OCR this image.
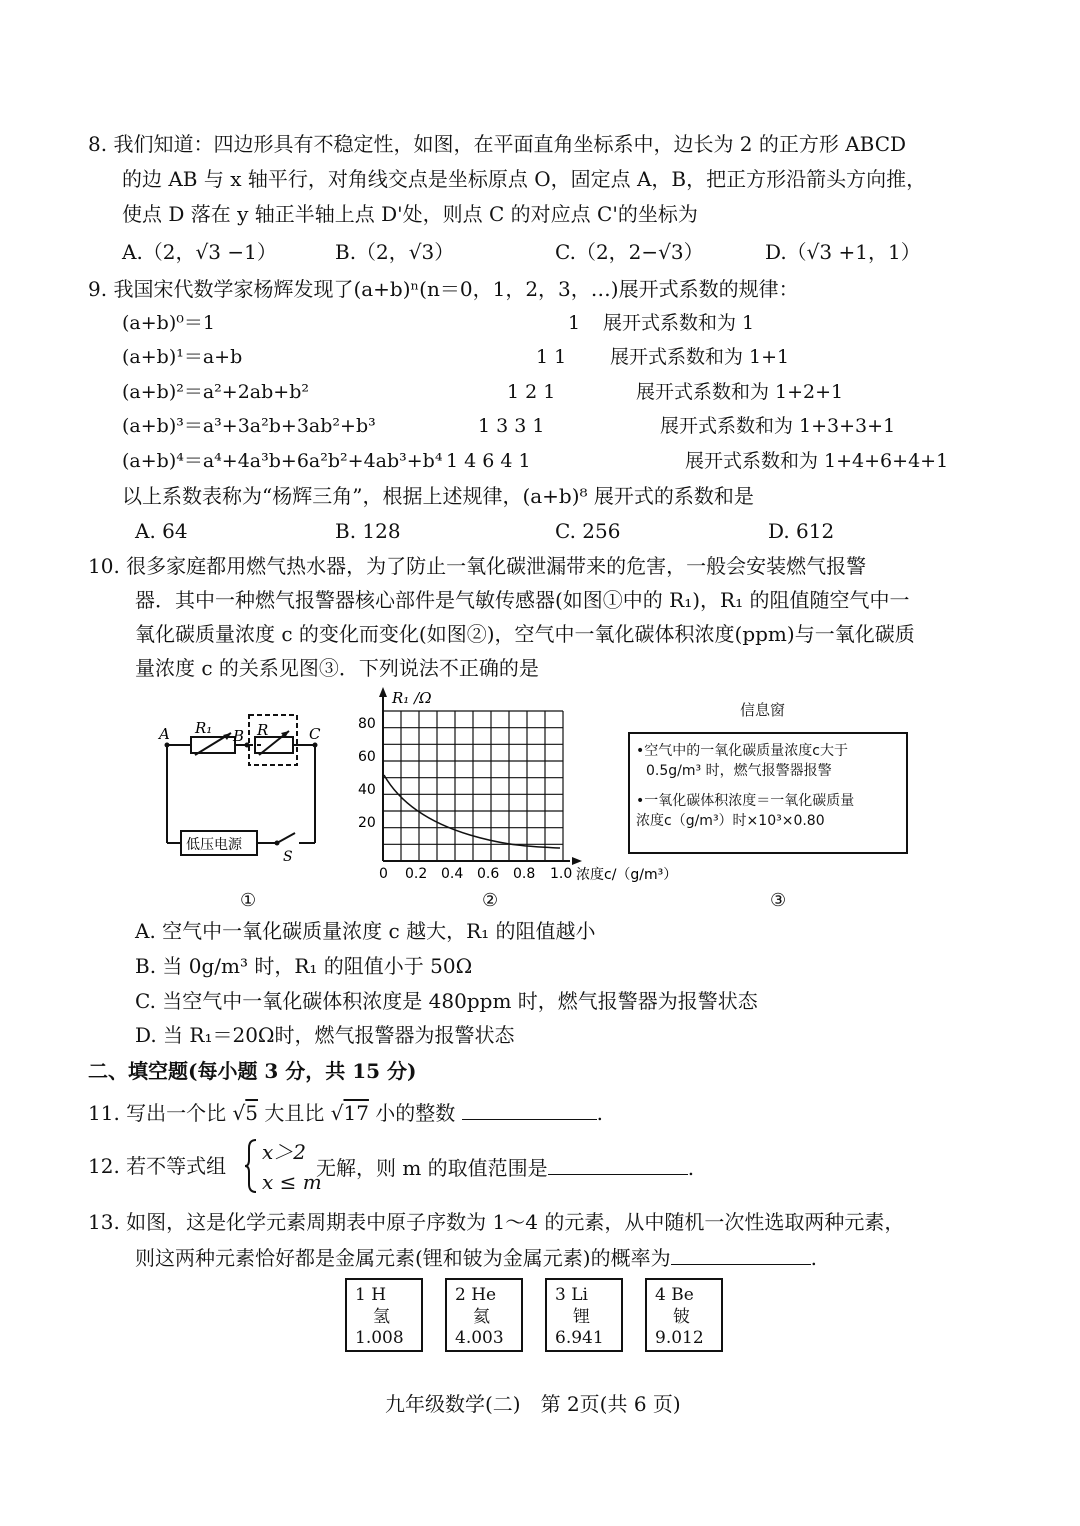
8. 我们知道：四边形具有不稳定性，如图，在平面直角坐标系中，边长为 2 的正方形 ABCD
的边 AB 与 x 轴平行，对角线交点是坐标原点 O，固定点 A，B，把正方形沿箭头方向推，
使点 D 落在 y 轴正半轴上点 D'处，则点 C 的对应点 C'的坐标为
A.（2，√3 −1）	B.（2，√3）	C.（2，2−√3）	D.（√3 +1，1）
9. 我国宋代数学家杨辉发现了(a+b)ⁿ(n＝0，1，2，3，…)展开式系数的规律：
(a+b)⁰＝1	1 展开式系数和为 1
(a+b)¹＝a+b	1 1 展开式系数和为 1+1
(a+b)²＝a²+2ab+b²	1 2 1	展开式系数和为 1+2+1
(a+b)³＝a³+3a²b+3ab²+b³	1 3 3 1	展开式系数和为 1+3+3+1
(a+b)⁴＝a⁴+4a³b+6a²b²+4ab³+b⁴ 1 4 6 4 1	展开式系数和为 1+4+6+4+1
以上系数表称为“杨辉三角”，根据上述规律，(a+b)⁸ 展开式的系数和是
A. 64	B. 128	C. 256	D. 612
10. 很多家庭都用燃气热水器，为了防止一氧化碳泄漏带来的危害，一般会安装燃气报警
器．其中一种燃气报警器核心部件是气敏传感器(如图①中的 R₁)，R₁ 的阻值随空气中一
氧化碳质量浓度 c 的变化而变化(如图②)，空气中一氧化碳体积浓度(ppm)与一氧化碳质
量浓度 c 的关系见图③．下列说法不正确的是
A R₁ B R	C
低压电源
S
R₁ /Ω
80
60
40
20
0 0.2 0.4 0.6 0.8 1.0 浓度c/（g/m³）
信息窗
•空气中的一氧化碳质量浓度c大于
0.5g/m³ 时，燃气报警器报警
•一氧化碳体积浓度＝一氧化碳质量
浓度c（g/m³）时×10³×0.80
①	②	③
A. 空气中一氧化碳质量浓度 c 越大，R₁ 的阻值越小
B. 当 0g/m³ 时，R₁ 的阻值小于 50Ω
C. 当空气中一氧化碳体积浓度是 480ppm 时，燃气报警器为报警状态
D. 当 R₁＝20Ω时，燃气报警器为报警状态
二、填空题(每小题 3 分，共 15 分)
11. 写出一个比 √5 大且比 √17 小的整数	.
12. 若不等式组
x＞2
x ≤ m
无解，则 m 的取值范围是	.
13. 如图，这是化学元素周期表中原子序数为 1～4 的元素，从中随机一次性选取两种元素，
则这两种元素恰好都是金属元素(锂和铍为金属元素)的概率为	.
1 H
氢
1.008
2 He
氦
4.003
3 Li
锂
6.941
4 Be
铍
9.012
九年级数学(二)　第 2页(共 6 页)
